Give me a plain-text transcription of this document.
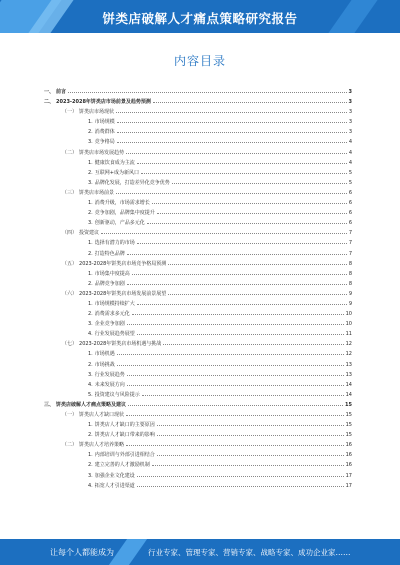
饼类店破解人才痛点策略研究报告
内容目录
一、 前言	3
二、 2023-2028年饼类店市场前景及趋势预测	3
（一） 饼类店市场现状	3
1. 市场规模	3
2. 消费群体	3
3. 竞争格局	4
（二） 饼类店市场发展趋势	4
1. 健康饮食成为主流	4
2. 互联网+成为新风口	5
3. 品牌化发展，打造差异化竞争优势	5
（三） 饼类店市场前景	6
1. 消费升级，市场需求增长	6
2. 竞争加剧，品牌集中度提升	6
3. 创新驱动，产品多元化	6
（四） 投资建议	7
1. 选择有潜力的市场	7
2. 打造特色品牌	7
（五） 2023-2028年饼类店市场竞争格局预测	8
1. 市场集中度提高	8
2. 品牌竞争加剧	8
（六） 2023-2028年饼类店市场发展前景展望	9
1. 市场规模持续扩大	9
2. 消费需求多元化	10
3. 企业竞争加剧	10
4. 行业发展趋势展望	11
（七） 2023-2028年饼类店市场机遇与挑战	12
1. 市场机遇	12
2. 市场挑战	13
3. 行业发展趋势	13
4. 未来发展方向	14
5. 投资建议与风险提示	14
三、 饼类店破解人才痛点策略及建议	15
（一） 饼类店人才缺口现状	15
1. 饼类店人才缺口的主要原因	15
2. 饼类店人才缺口带来的影响	15
（二） 饼类店人才培养策略	16
1. 内部培训与外部引进相结合	16
2. 建立完善的人才激励机制	16
3. 加强企业文化建设	17
4. 拓宽人才引进渠道	17
让每个人都能成为	行业专家、管理专家、营销专家、战略专家、成功企业家……
